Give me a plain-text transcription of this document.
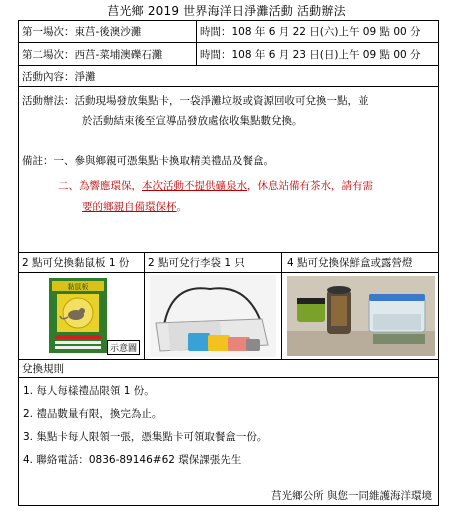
莒光鄉 2019 世界海洋日淨灘活動 活動辦法
第一場次：東莒-後澳沙灘	時間：108 年 6 月 22 日(六)上午 09 點 00 分
第二場次：西莒-菜埔澳礫石灘	時間：108 年 6 月 23 日(日)上午 09 點 00 分
活動內容：淨灘
活動辦法：活動現場發放集點卡，一袋淨灘垃圾或資源回收可兌換一點，並
於活動結束後至宣導品發放處依收集點數兌換。
備註：一、參與鄉親可憑集點卡換取精美禮品及餐盒。
二、為響應環保，本次活動不提供礦泉水，休息站備有茶水，請有需
要的鄉親自備環保杯。
2 點可兌換黏鼠板 1 份	2 點可兌行李袋 1 只	4 點可兌換保鮮盒或露營燈
黏鼠板
示意圖
兌換規則
1. 每人每樣禮品限領 1 份。
2. 禮品數量有限，換完為止。
3. 集點卡每人限領一張，憑集點卡可領取餐盒一份。
4. 聯絡電話：0836-89146#62 環保課張先生
莒光鄉公所 與您一同維護海洋環境
